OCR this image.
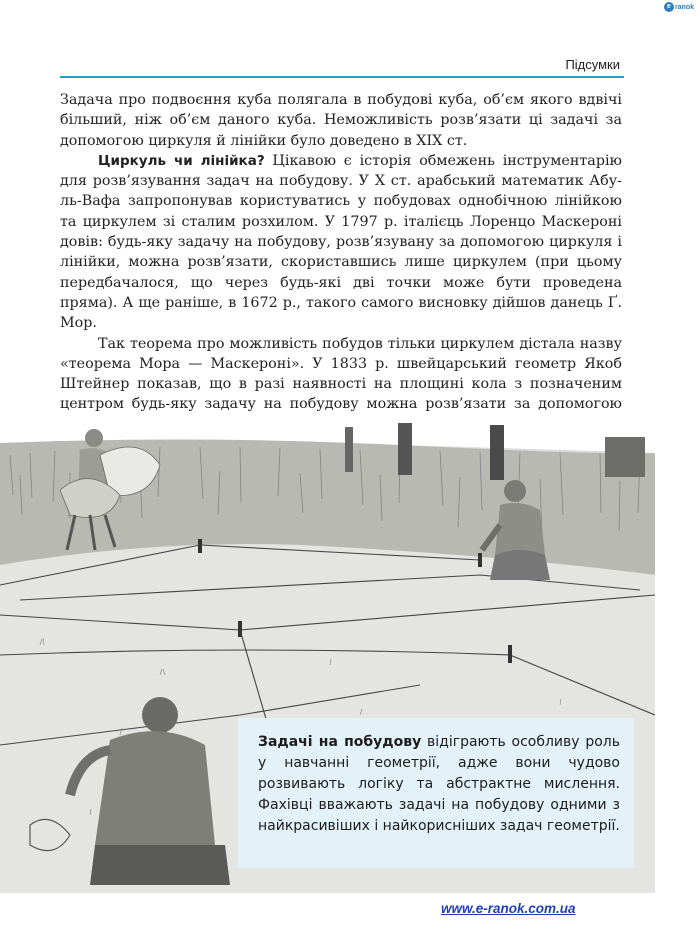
e ranok
Підсумки

Задача про подвоєння куба полягала в побудові куба, об’єм якого вдвічі більший, ніж об’єм даного куба. Неможливість розв’язати ці задачі за допомогою циркуля й лінійки було доведено в XIX ст.

Циркуль чи лінійка? Цікавою є історія обмежень інструментарію для розв’язування задач на побудову. У X ст. арабський математик Абу-ль-Вафа запропонував користуватись у побудовах однобічною лінійкою та циркулем зі сталим розхилом. У 1797 р. італієць Лоренцо Маскероні довів: будь-яку задачу на побудову, розв’язувану за допомогою циркуля і лінійки, можна розв’язати, скориставшись лише циркулем (при цьому передбачалося, що через будь-які дві точки може бути проведена пряма). А ще раніше, в 1672 р., такого самого висновку дійшов данець Ґ. Мор.

Так теорема про можливість побудов тільки циркулем дістала назву «теорема Мора — Маскероні». У 1833 р. швейцарський геометр Якоб Штейнер показав, що в разі наявності на площині кола з позначеним центром будь-яку задачу на побудову можна розв’язати за допомогою

Задачі на побудову відіграють особливу роль у навчанні геометрії, адже вони чудово розвивають логіку та абстрактне мислення. Фахівці вважають задачі на побудову одними з найкрасивіших і найкорисніших задач геометрії.

www.e-ranok.com.ua
